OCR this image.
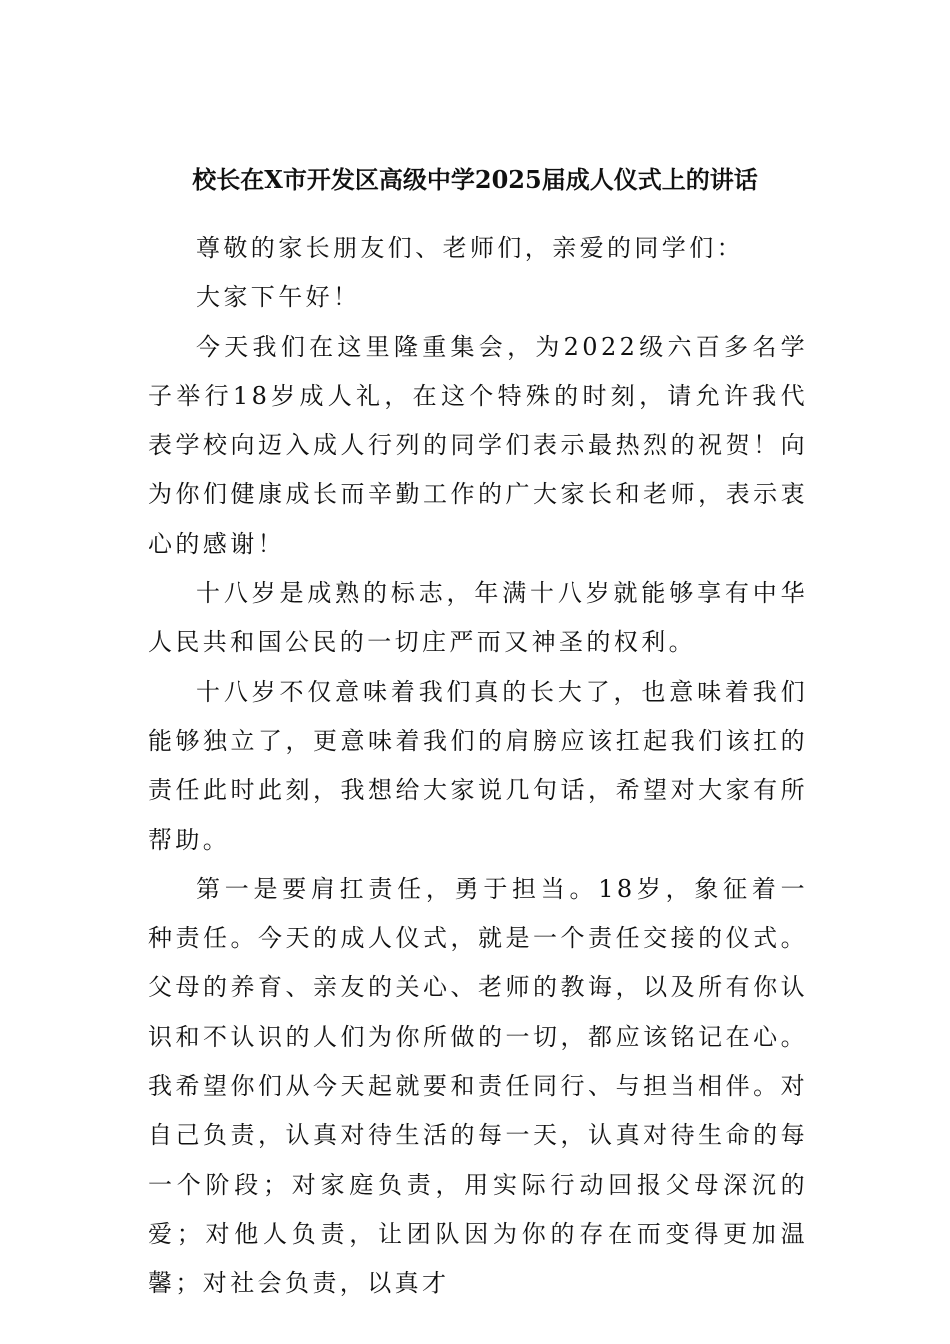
校长在X市开发区高级中学2025届成人仪式上的讲话

尊敬的家长朋友们、老师们，亲爱的同学们：

大家下午好！

今天我们在这里隆重集会，为2022级六百多名学子举行18岁成人礼，在这个特殊的时刻，请允许我代表学校向迈入成人行列的同学们表示最热烈的祝贺！向为你们健康成长而辛勤工作的广大家长和老师，表示衷心的感谢！

十八岁是成熟的标志，年满十八岁就能够享有中华人民共和国公民的一切庄严而又神圣的权利。

十八岁不仅意味着我们真的长大了，也意味着我们能够独立了，更意味着我们的肩膀应该扛起我们该扛的责任此时此刻，我想给大家说几句话，希望对大家有所帮助。

第一是要肩扛责任，勇于担当。18岁，象征着一种责任。今天的成人仪式，就是一个责任交接的仪式。父母的养育、亲友的关心、老师的教诲，以及所有你认识和不认识的人们为你所做的一切，都应该铭记在心。我希望你们从今天起就要和责任同行、与担当相伴。对自己负责，认真对待生活的每一天，认真对待生命的每一个阶段；对家庭负责，用实际行动回报父母深沉的爱；对他人负责，让团队因为你的存在而变得更加温馨；对社会负责，以真才
